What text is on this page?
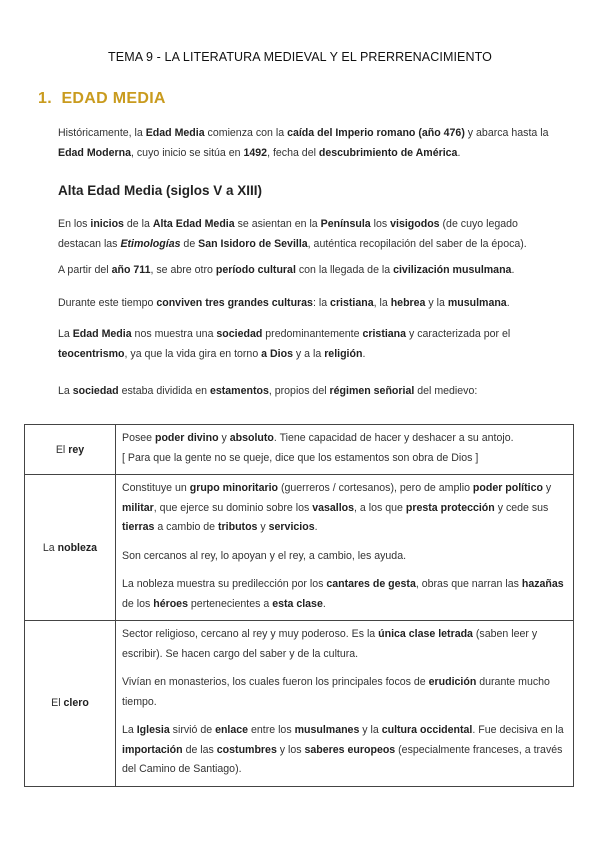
TEMA 9 - LA LITERATURA MEDIEVAL Y EL PRERRENACIMIENTO
1. EDAD MEDIA
Históricamente, la Edad Media comienza con la caída del Imperio romano (año 476) y abarca hasta la Edad Moderna, cuyo inicio se sitúa en 1492, fecha del descubrimiento de América.
Alta Edad Media (siglos V a XIII)
En los inicios de la Alta Edad Media se asientan en la Península los visigodos (de cuyo legado destacan las Etimologías de San Isidoro de Sevilla, auténtica recopilación del saber de la época).
A partir del año 711, se abre otro período cultural con la llegada de la civilización musulmana.
Durante este tiempo conviven tres grandes culturas: la cristiana, la hebrea y la musulmana.
La Edad Media nos muestra una sociedad predominantemente cristiana y caracterizada por el teocentrismo, ya que la vida gira en torno a Dios y a la religión.
La sociedad estaba dividida en estamentos, propios del régimen señorial del medievo:
El rey	Posee poder divino y absoluto. Tiene capacidad de hacer y deshacer a su antojo.
[ Para que la gente no se queje, dice que los estamentos son obra de Dios ]

La nobleza	Constituye un grupo minoritario (guerreros / cortesanos), pero de amplio poder político y militar, que ejerce su dominio sobre los vasallos, a los que presta protección y cede sus tierras a cambio de tributos y servicios.

Son cercanos al rey, lo apoyan y el rey, a cambio, les ayuda.

La nobleza muestra su predilección por los cantares de gesta, obras que narran las hazañas de los héroes pertenecientes a esta clase.

El clero	Sector religioso, cercano al rey y muy poderoso. Es la única clase letrada (saben leer y escribir). Se hacen cargo del saber y de la cultura.

Vivían en monasterios, los cuales fueron los principales focos de erudición durante mucho tiempo.

La Iglesia sirvió de enlace entre los musulmanes y la cultura occidental. Fue decisiva en la importación de las costumbres y los saberes europeos (especialmente franceses, a través del Camino de Santiago).
